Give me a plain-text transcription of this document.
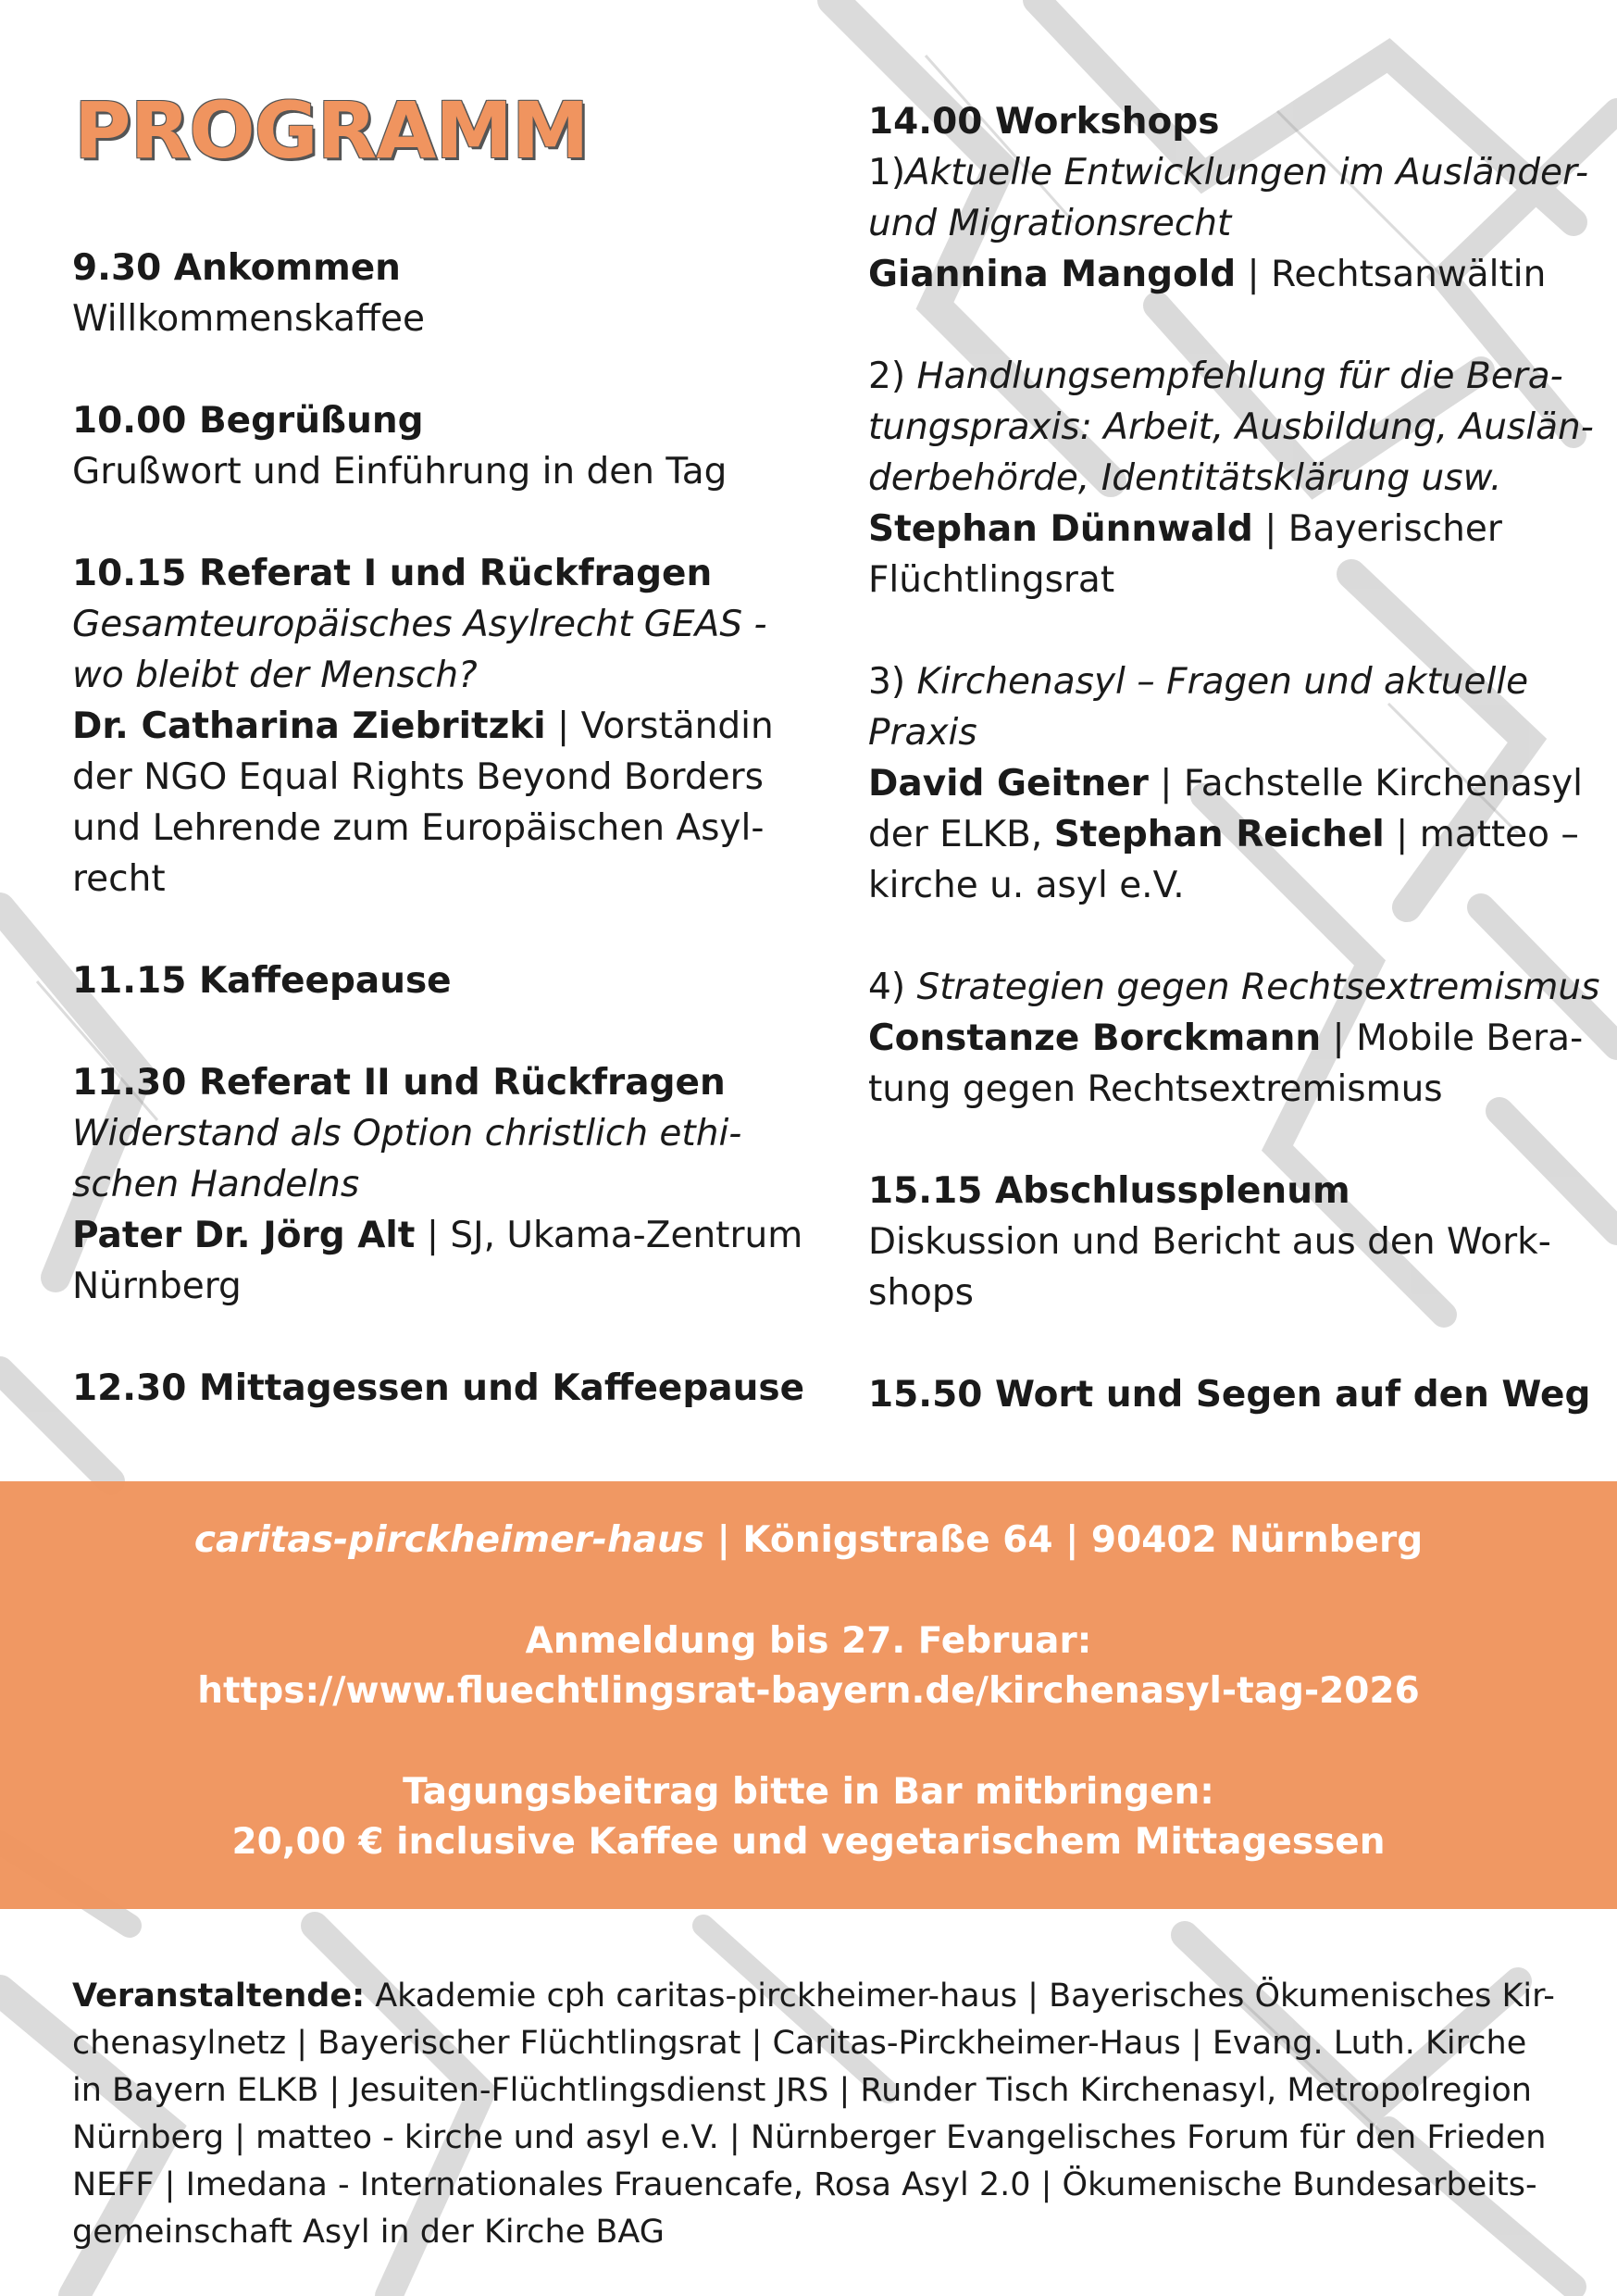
PROGRAMM
9.30 Ankommen
Willkommenskaffee
10.00 Begrüßung
Grußwort und Einführung in den Tag
10.15 Referat I und Rückfragen
Gesamteuropäisches Asylrecht GEAS -
wo bleibt der Mensch?
Dr. Catharina Ziebritzki | Vorständin
der NGO Equal Rights Beyond Borders
und Lehrende zum Europäischen Asyl-
recht
11.15 Kaffeepause
11.30 Referat II und Rückfragen
Widerstand als Option christlich ethi-
schen Handelns
Pater Dr. Jörg Alt | SJ, Ukama-Zentrum
Nürnberg
12.30 Mittagessen und Kaffeepause
14.00 Workshops
1)Aktuelle Entwicklungen im Ausländer-
und Migrationsrecht
Giannina Mangold | Rechtsanwältin
2) Handlungsempfehlung für die Bera-
tungspraxis: Arbeit, Ausbildung, Auslän-
derbehörde, Identitätsklärung usw.
Stephan Dünnwald | Bayerischer
Flüchtlingsrat
3) Kirchenasyl – Fragen und aktuelle
Praxis
David Geitner | Fachstelle Kirchenasyl
der ELKB, Stephan Reichel | matteo –
kirche u. asyl e.V.
4) Strategien gegen Rechtsextremismus
Constanze Borckmann | Mobile Bera-
tung gegen Rechtsextremismus
15.15 Abschlussplenum
Diskussion und Bericht aus den Work-
shops
15.50 Wort und Segen auf den Weg
caritas-pirckheimer-haus | Königstraße 64 | 90402 Nürnberg
Anmeldung bis 27. Februar:
https://www.fluechtlingsrat-bayern.de/kirchenasyl-tag-2026
Tagungsbeitrag bitte in Bar mitbringen:
20,00 € inclusive Kaffee und vegetarischem Mittagessen
Veranstaltende: Akademie cph caritas-pirckheimer-haus | Bayerisches Ökumenisches Kir-
chenasylnetz | Bayerischer Flüchtlingsrat | Caritas-Pirckheimer-Haus | Evang. Luth. Kirche
in Bayern ELKB | Jesuiten-Flüchtlingsdienst JRS | Runder Tisch Kirchenasyl, Metropolregion
Nürnberg | matteo - kirche und asyl e.V. | Nürnberger Evangelisches Forum für den Frieden
NEFF | Imedana - Internationales Frauencafe, Rosa Asyl 2.0 | Ökumenische Bundesarbeits-
gemeinschaft Asyl in der Kirche BAG
